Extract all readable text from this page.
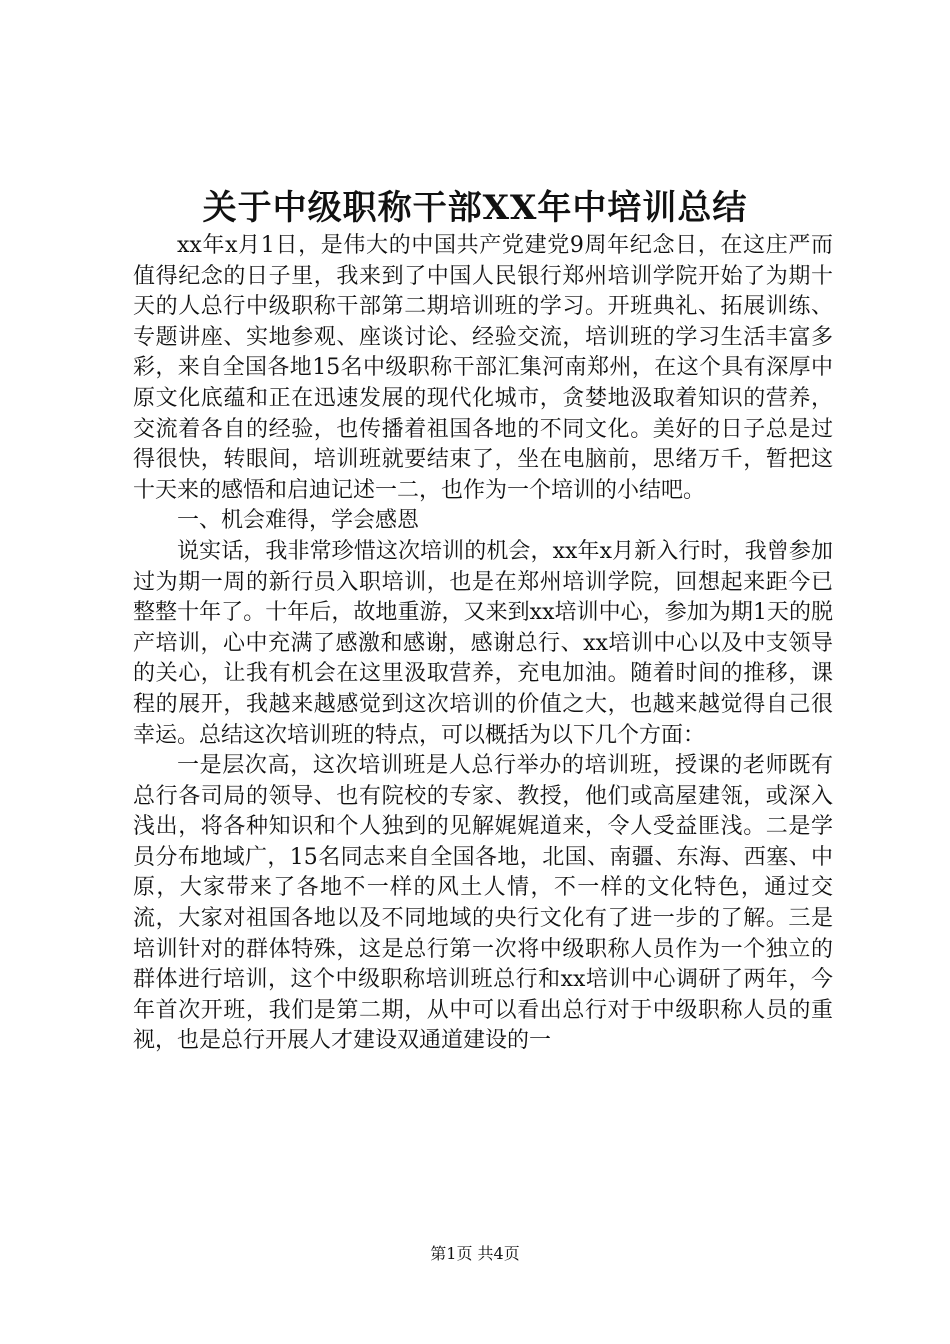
关于中级职称干部XX年中培训总结

xx年x月1日，是伟大的中国共产党建党9周年纪念日，在这庄严而值得纪念的日子里，我来到了中国人民银行郑州培训学院开始了为期十天的人总行中级职称干部第二期培训班的学习。开班典礼、拓展训练、专题讲座、实地参观、座谈讨论、经验交流，培训班的学习生活丰富多彩，来自全国各地15名中级职称干部汇集河南郑州，在这个具有深厚中原文化底蕴和正在迅速发展的现代化城市，贪婪地汲取着知识的营养，交流着各自的经验，也传播着祖国各地的不同文化。美好的日子总是过得很快，转眼间，培训班就要结束了，坐在电脑前，思绪万千，暂把这十天来的感悟和启迪记述一二，也作为一个培训的小结吧。

一、机会难得，学会感恩

说实话，我非常珍惜这次培训的机会，xx年x月新入行时，我曾参加过为期一周的新行员入职培训，也是在郑州培训学院，回想起来距今已整整十年了。十年后，故地重游，又来到xx培训中心，参加为期1天的脱产培训，心中充满了感激和感谢，感谢总行、xx培训中心以及中支领导的关心，让我有机会在这里汲取营养，充电加油。随着时间的推移，课程的展开，我越来越感觉到这次培训的价值之大，也越来越觉得自己很幸运。总结这次培训班的特点，可以概括为以下几个方面：

一是层次高，这次培训班是人总行举办的培训班，授课的老师既有总行各司局的领导、也有院校的专家、教授，他们或高屋建瓴，或深入浅出，将各种知识和个人独到的见解娓娓道来，令人受益匪浅。二是学员分布地域广，15名同志来自全国各地，北国、南疆、东海、西塞、中原，大家带来了各地不一样的风土人情，不一样的文化特色，通过交流，大家对祖国各地以及不同地域的央行文化有了进一步的了解。三是培训针对的群体特殊，这是总行第一次将中级职称人员作为一个独立的群体进行培训，这个中级职称培训班总行和xx培训中心调研了两年，今年首次开班，我们是第二期，从中可以看出总行对于中级职称人员的重视，也是总行开展人才建设双通道建设的一

第1页 共4页
